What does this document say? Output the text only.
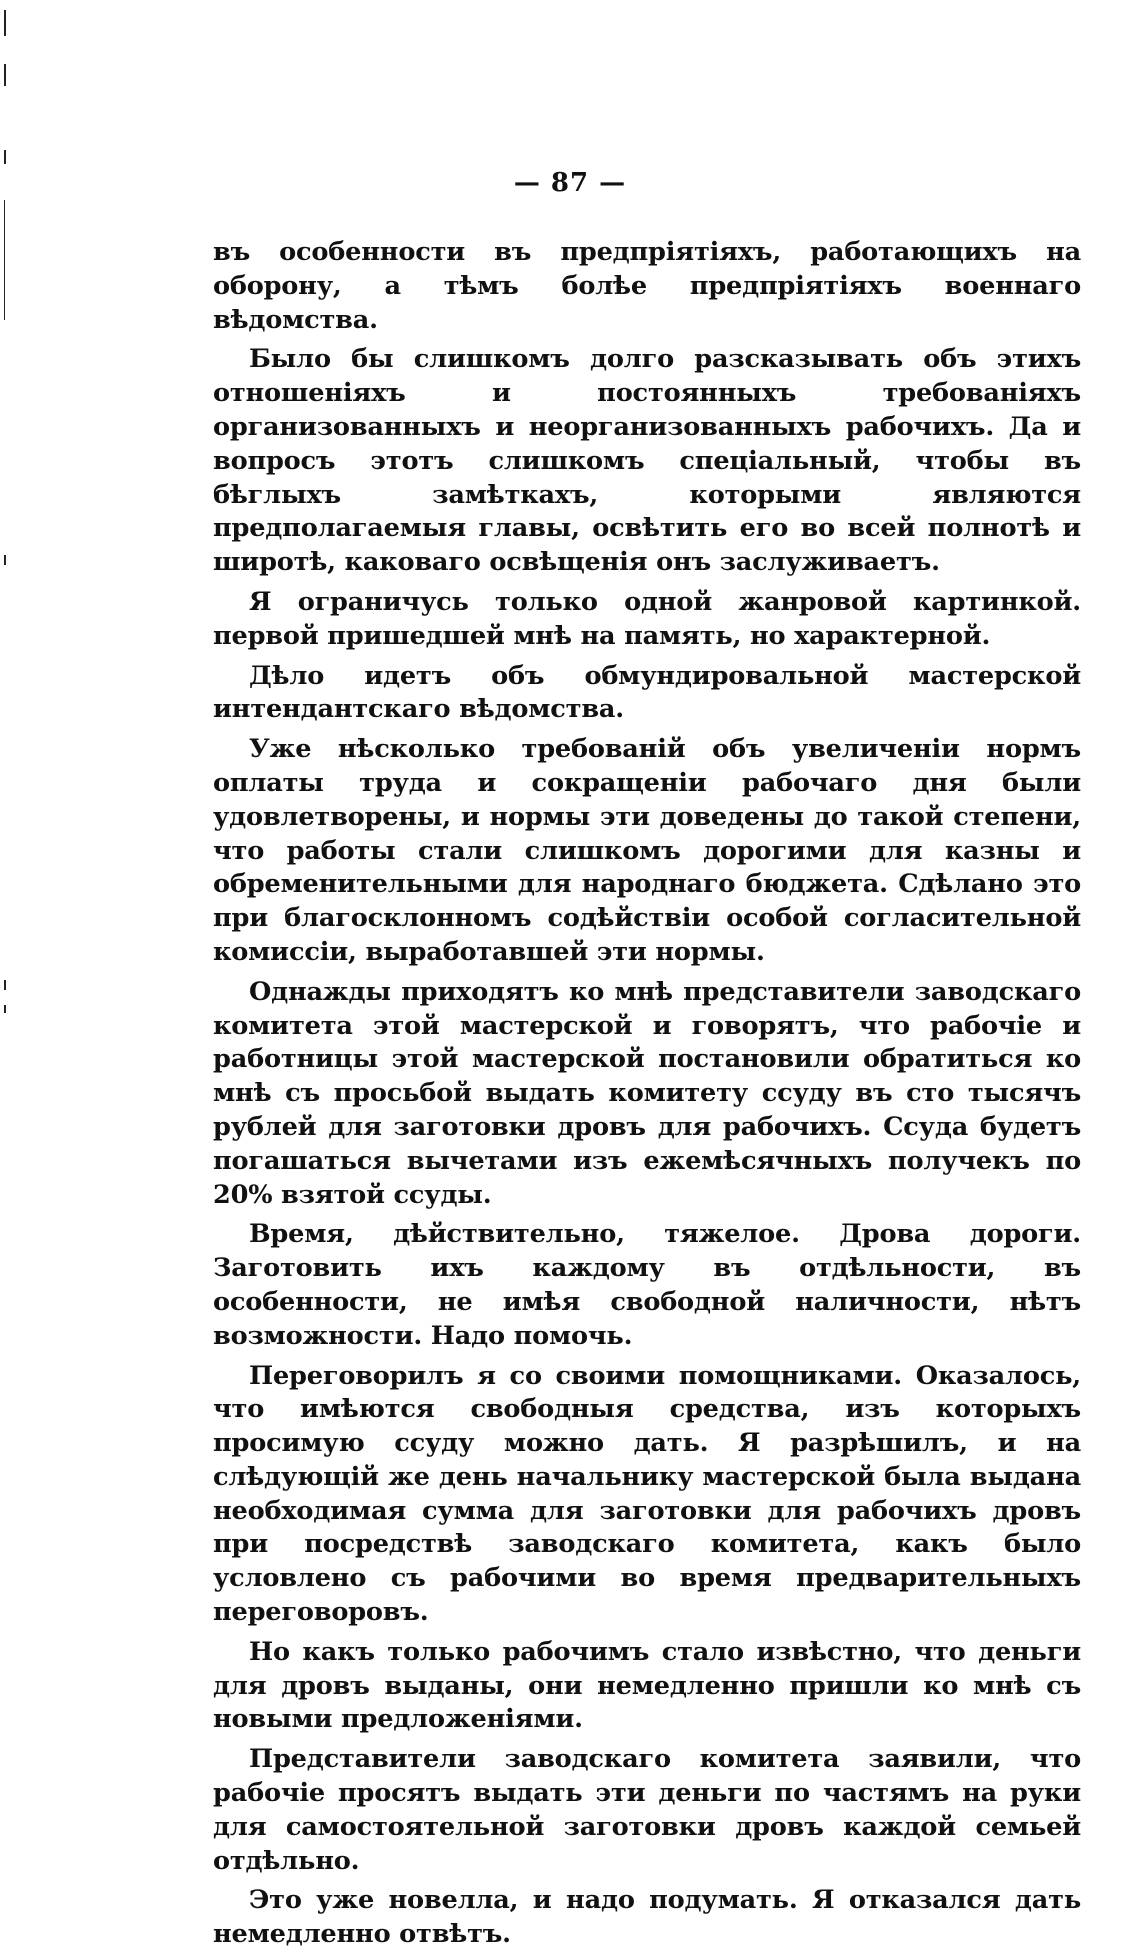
— 87 —

въ особенности въ предпріятіяхъ, работающихъ на оборону, а тѣмъ болѣе предпріятіяхъ военнаго вѣдомства.

Было бы слишкомъ долго разсказывать объ этихъ отношеніяхъ и постоянныхъ требованіяхъ организованныхъ и неорганизованныхъ рабочихъ. Да и вопросъ этотъ слишкомъ спеціальный, чтобы въ бѣглыхъ замѣткахъ, которыми являются предполагаемыя главы, освѣтить его во всей полнотѣ и широтѣ, каковаго освѣщенія онъ заслуживаетъ.

Я ограничусь только одной жанровой картинкой. первой пришедшей мнѣ на память, но характерной.

Дѣло идетъ объ обмундировальной мастерской интендантскаго вѣдомства.

Уже нѣсколько требованій объ увеличеніи нормъ оплаты труда и сокращеніи рабочаго дня были удовлетворены, и нормы эти доведены до такой степени, что работы стали слишкомъ дорогими для казны и обременительными для народнаго бюджета. Сдѣлано это при благосклонномъ содѣйствіи особой согласительной комиссіи, выработавшей эти нормы.

Однажды приходятъ ко мнѣ представители заводскаго комитета этой мастерской и говорятъ, что рабочіе и работницы этой мастерской постановили обратиться ко мнѣ съ просьбой выдать комитету ссуду въ сто тысячъ рублей для заготовки дровъ для рабочихъ. Ссуда будетъ погашаться вычетами изъ ежемѣсячныхъ получекъ по 20% взятой ссуды.

Время, дѣйствительно, тяжелое. Дрова дороги. Заготовить ихъ каждому въ отдѣльности, въ особенности, не имѣя свободной наличности, нѣтъ возможности. Надо помочь.

Переговорилъ я со своими помощниками. Оказалось, что имѣются свободныя средства, изъ которыхъ просимую ссуду можно дать. Я разрѣшилъ, и на слѣдующій же день начальнику мастерской была выдана необходимая сумма для заготовки для рабочихъ дровъ при посредствѣ заводскаго комитета, какъ было условлено съ рабочими во время предварительныхъ переговоровъ.

Но какъ только рабочимъ стало извѣстно, что деньги для дровъ выданы, они немедленно пришли ко мнѣ съ новыми предложеніями.

Представители заводскаго комитета заявили, что рабочіе просятъ выдать эти деньги по частямъ на руки для самостоятельной заготовки дровъ каждой семьей отдѣльно.

Это уже новелла, и надо подумать. Я отказался дать немедленно отвѣтъ.
